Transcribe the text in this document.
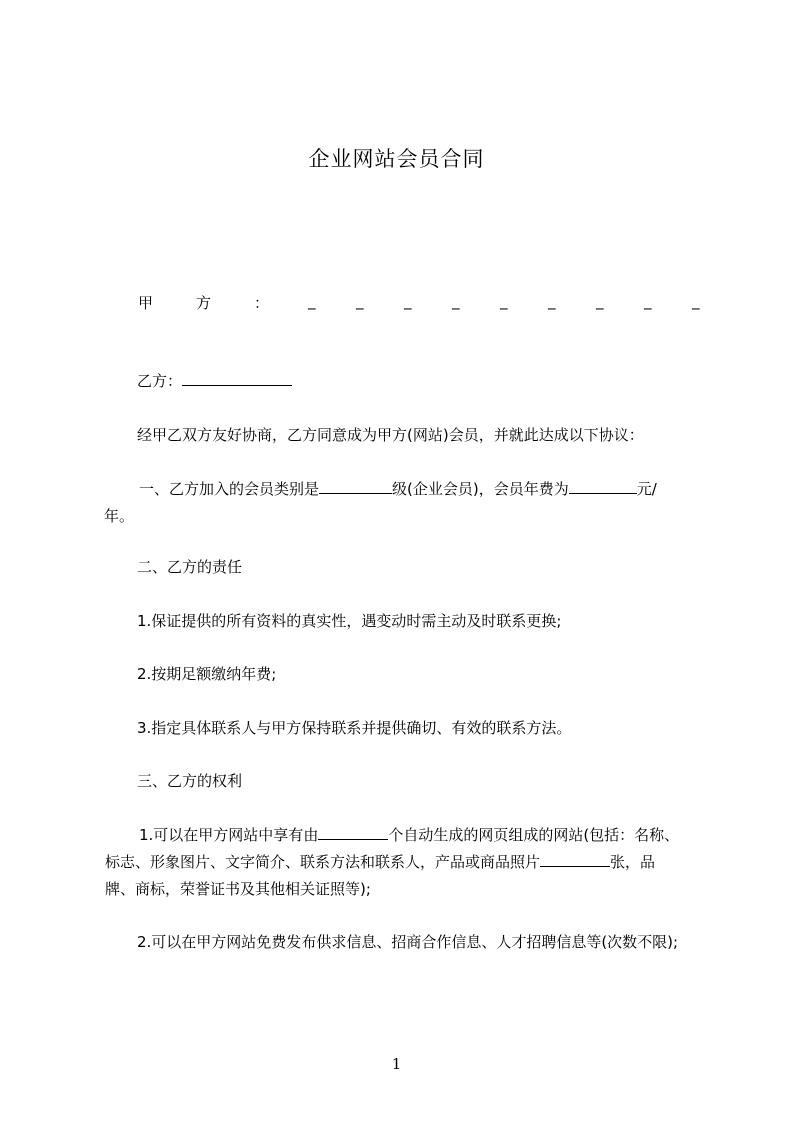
企业网站会员合同
甲	方	：	_	_	_	_	_	_	_	_	_
乙方：
经甲乙双方友好协商，乙方同意成为甲方(网站)会员，并就此达成以下协议：
一、乙方加入的会员类别是	级(企业会员)，会员年费为	元/
年。
二、乙方的责任
1.保证提供的所有资料的真实性，遇变动时需主动及时联系更换;
2.按期足额缴纳年费;
3.指定具体联系人与甲方保持联系并提供确切、有效的联系方法。
三、乙方的权利
1.可以在甲方网站中享有由	个自动生成的网页组成的网站(包括：名称、
标志、形象图片、文字简介、联系方法和联系人，产品或商品照片	张，品
牌、商标，荣誉证书及其他相关证照等);
2.可以在甲方网站免费发布供求信息、招商合作信息、人才招聘信息等(次数不限);
1
